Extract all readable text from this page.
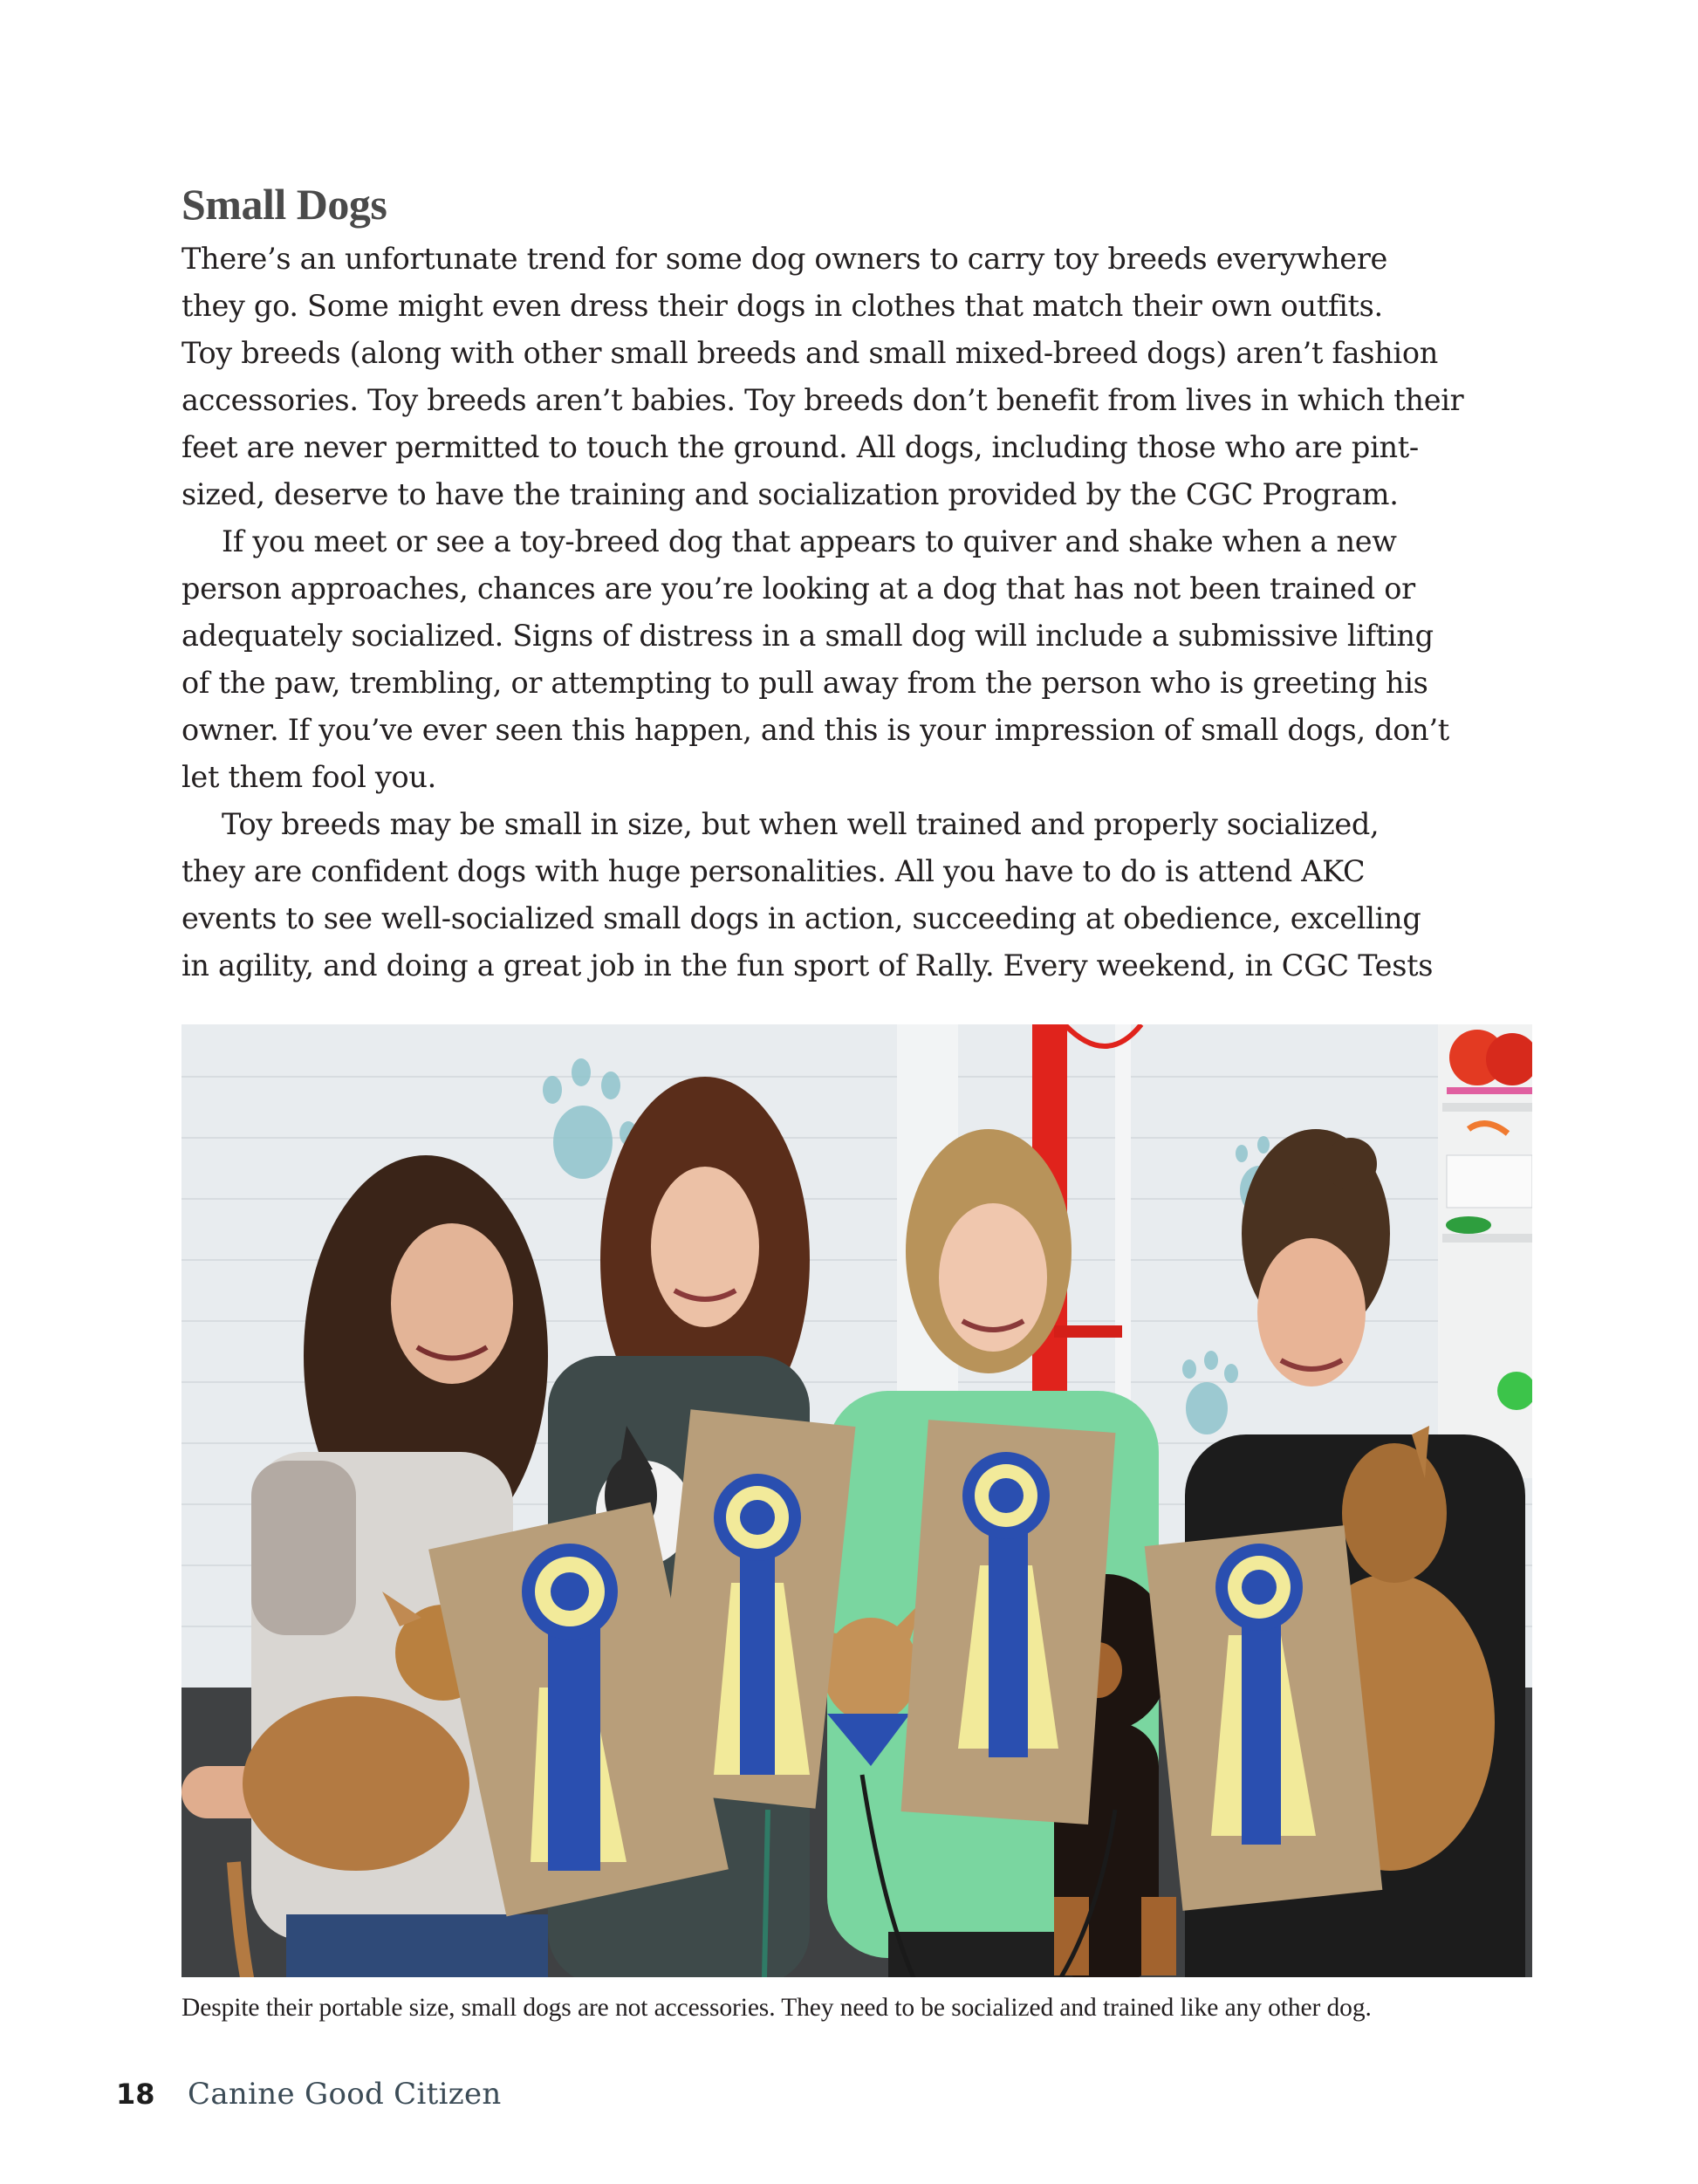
Small Dogs
There’s an unfortunate trend for some dog owners to carry toy breeds everywhere
they go. Some might even dress their dogs in clothes that match their own outfits.
Toy breeds (along with other small breeds and small mixed-breed dogs) aren’t fashion
accessories. Toy breeds aren’t babies. Toy breeds don’t benefit from lives in which their
feet are never permitted to touch the ground. All dogs, including those who are pint-
sized, deserve to have the training and socialization provided by the CGC Program.
If you meet or see a toy-breed dog that appears to quiver and shake when a new
person approaches, chances are you’re looking at a dog that has not been trained or
adequately socialized. Signs of distress in a small dog will include a submissive lifting
of the paw, trembling, or attempting to pull away from the person who is greeting his
owner. If you’ve ever seen this happen, and this is your impression of small dogs, don’t
let them fool you.
Toy breeds may be small in size, but when well trained and properly socialized,
they are confident dogs with huge personalities. All you have to do is attend AKC
events to see well-socialized small dogs in action, succeeding at obedience, excelling
in agility, and doing a great job in the fun sport of Rally. Every weekend, in CGC Tests
Despite their portable size, small dogs are not accessories. They need to be socialized and trained like any other dog.
18 Canine Good Citizen
